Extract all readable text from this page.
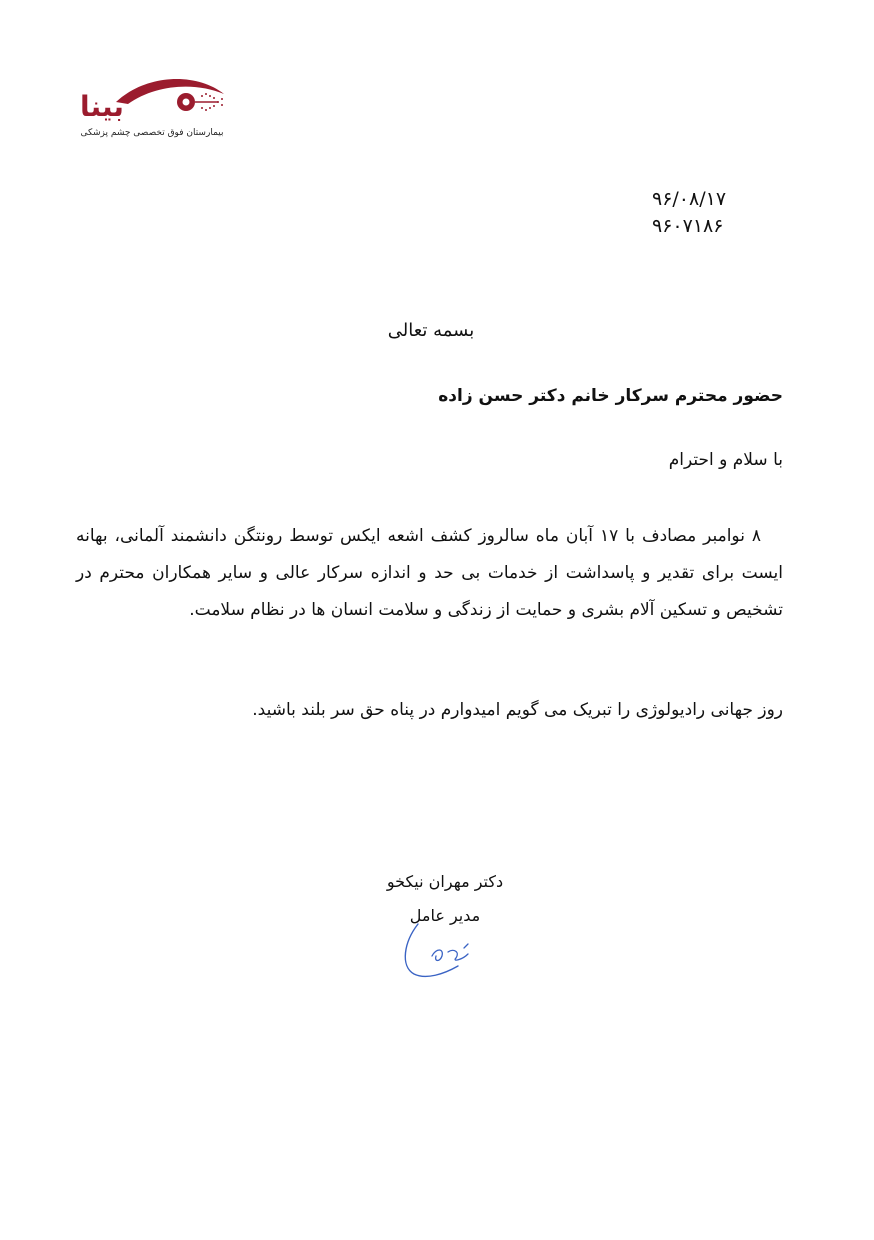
بینا
بیمارستان فوق تخصصی چشم پزشکی
۹۶/۰۸/۱۷
۹۶۰۷۱۸۶
بسمه تعالی
حضور محترم سرکار خانم دکتر حسن زاده
با سلام و احترام
۸ نوامبر مصادف با ۱۷ آبان ماه سالروز کشف اشعه ایکس توسط رونتگن دانشمند آلمانی، بهانه ایست برای تقدیر و پاسداشت از خدمات بی حد و اندازه سرکار عالی و سایر همکاران محترم در تشخیص و تسکین آلام بشری و حمایت از زندگی و سلامت انسان ها در نظام سلامت.
روز جهانی رادیولوژی را تبریک می گویم امیدوارم در پناه حق سر بلند باشید.
دکتر مهران نیکخو
مدیر عامل
